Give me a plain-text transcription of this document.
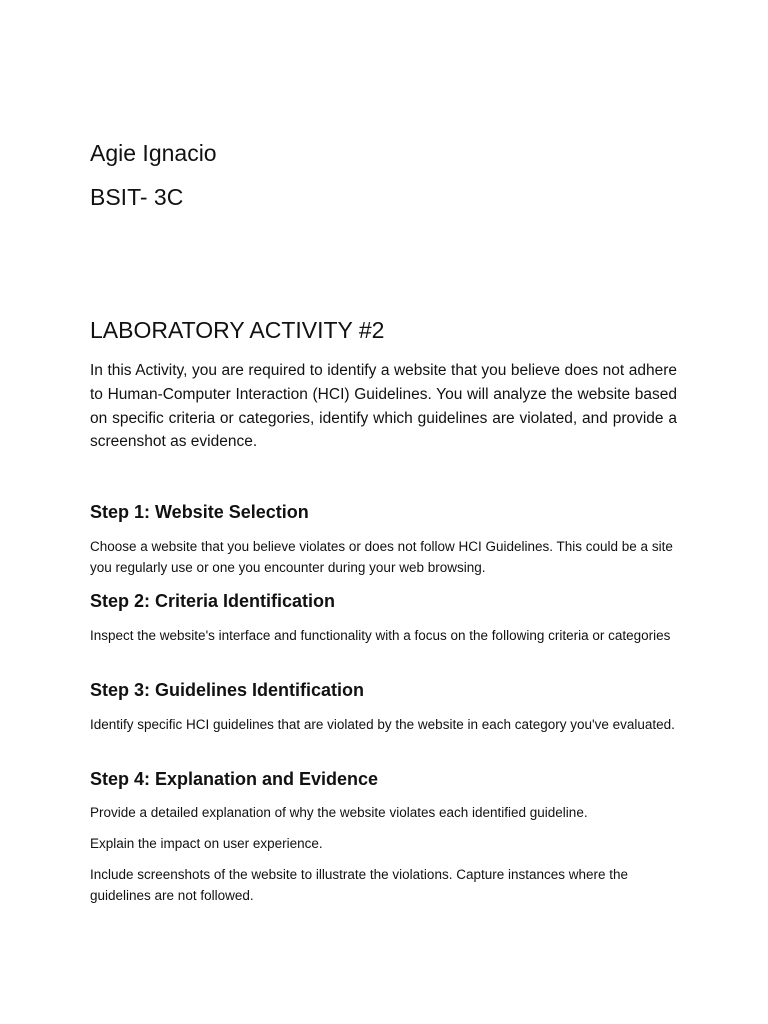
Agie Ignacio
BSIT- 3C
LABORATORY ACTIVITY #2

In this Activity, you are required to identify a website that you believe does not adhere to Human-Computer Interaction (HCI) Guidelines. You will analyze the website based on specific criteria or categories, identify which guidelines are violated, and provide a screenshot as evidence.

Step 1: Website Selection

Choose a website that you believe violates or does not follow HCI Guidelines. This could be a site you regularly use or one you encounter during your web browsing.

Step 2: Criteria Identification

Inspect the website's interface and functionality with a focus on the following criteria or categories

Step 3: Guidelines Identification

Identify specific HCI guidelines that are violated by the website in each category you've evaluated.

Step 4: Explanation and Evidence

Provide a detailed explanation of why the website violates each identified guideline.

Explain the impact on user experience.

Include screenshots of the website to illustrate the violations. Capture instances where the guidelines are not followed.
